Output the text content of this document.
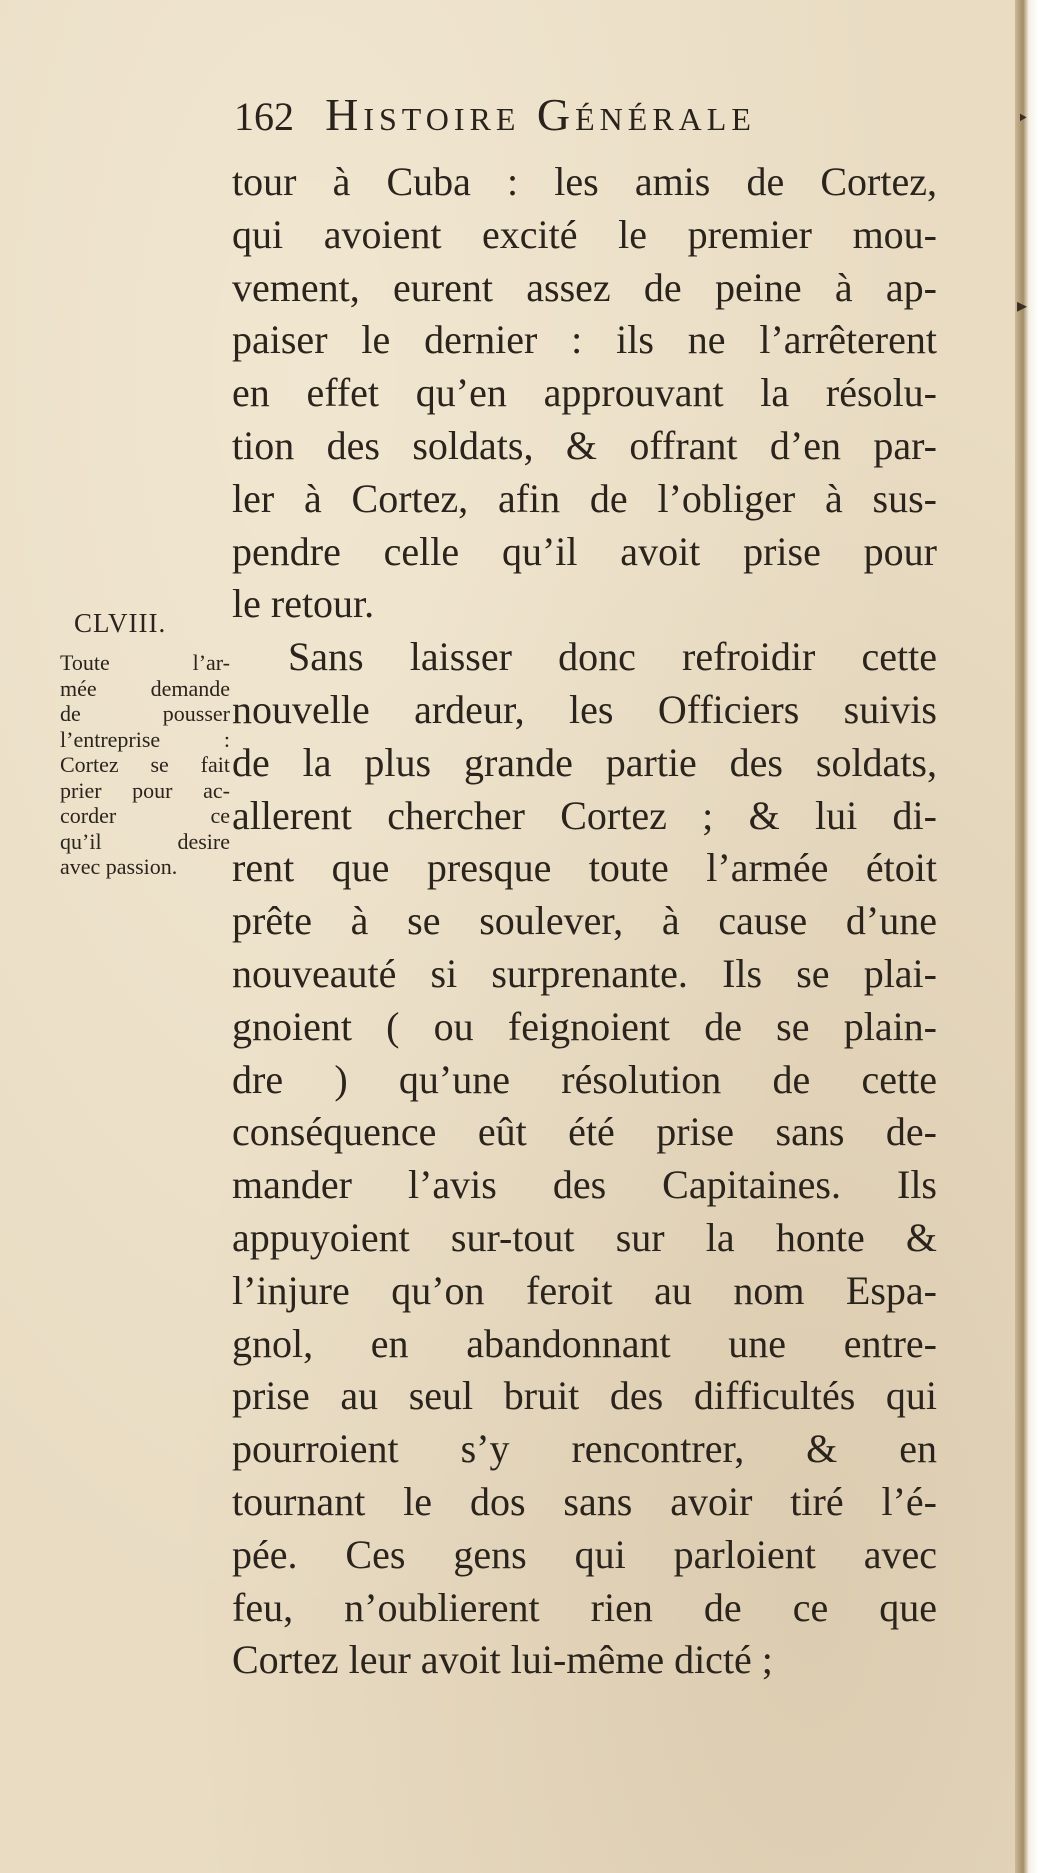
162 Histoire Générale
tour à Cuba : les amis de Cortez,
qui avoient excité le premier mou-
vement, eurent assez de peine à ap-
paiser le dernier : ils ne l’arrêterent
en effet qu’en approuvant la résolu-
tion des soldats, & offrant d’en par-
ler à Cortez, afin de l’obliger à sus-
pendre celle qu’il avoit prise pour
le retour.
Sans laisser donc refroidir cette
nouvelle ardeur, les Officiers suivis
de la plus grande partie des soldats,
allerent chercher Cortez ; & lui di-
rent que presque toute l’armée étoit
prête à se soulever, à cause d’une
nouveauté si surprenante. Ils se plai-
gnoient ( ou feignoient de se plain-
dre ) qu’une résolution de cette
conséquence eût été prise sans de-
mander l’avis des Capitaines. Ils
appuyoient sur-tout sur la honte &
l’injure qu’on feroit au nom Espa-
gnol, en abandonnant une entre-
prise au seul bruit des difficultés qui
pourroient s’y rencontrer, & en
tournant le dos sans avoir tiré l’é-
pée. Ces gens qui parloient avec
feu, n’oublierent rien de ce que
Cortez leur avoit lui-même dicté ;
CLVIII.
Toute l’ar-
mée demande
de pousser
l’entreprise :
Cortez se fait
prier pour ac-
corder ce
qu’il desire
avec passion.
‣
▸
